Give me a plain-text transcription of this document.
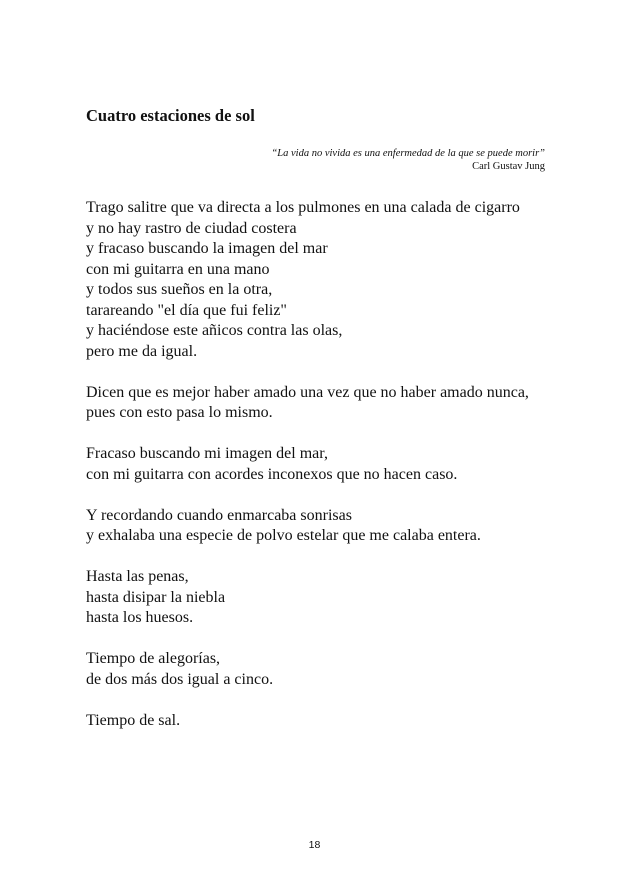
Cuatro estaciones de sol
“La vida no vivida es una enfermedad de la que se puede morir”
Carl Gustav Jung
Trago salitre que va directa a los pulmones en una calada de cigarro
y no hay rastro de ciudad costera
y fracaso buscando la imagen del mar
con mi guitarra en una mano
y todos sus sueños en la otra,
tarareando "el día que fui feliz"
y haciéndose este añicos contra las olas,
pero me da igual.
Dicen que es mejor haber amado una vez que no haber amado nunca,
pues con esto pasa lo mismo.
Fracaso buscando mi imagen del mar,
con mi guitarra con acordes inconexos que no hacen caso.
Y recordando cuando enmarcaba sonrisas
y exhalaba una especie de polvo estelar que me calaba entera.
Hasta las penas,
hasta disipar la niebla
hasta los huesos.
Tiempo de alegorías,
de dos más dos igual a cinco.
Tiempo de sal.
18
